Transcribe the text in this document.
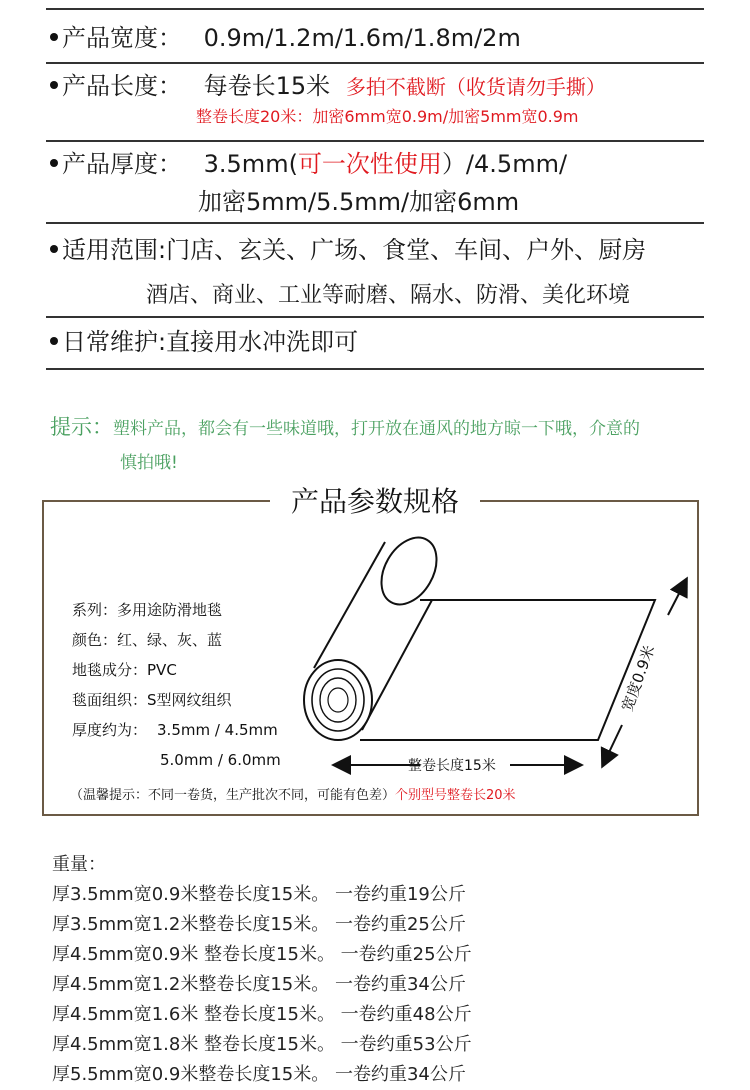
产品宽度： 0.9m/1.2m/1.6m/1.8m/2m
产品长度： 每卷长15米 多拍不截断（收货请勿手撕）
整卷长度20米：加密6mm宽0.9m/加密5mm宽0.9m
产品厚度： 3.5mm(可一次性使用）/4.5mm/
加密5mm/5.5mm/加密6mm
适用范围:门店、玄关、广场、食堂、车间、户外、厨房
酒店、商业、工业等耐磨、隔水、防滑、美化环境
日常维护:直接用水冲洗即可
提示：塑料产品，都会有一些味道哦，打开放在通风的地方晾一下哦，介意的
慎拍哦!
产品参数规格
宽度0.9米
整卷长度15米
系列：多用途防滑地毯
颜色：红、绿、灰、蓝
地毯成分：PVC
毯面组织：S型网纹组织
厚度约为： 3.5mm / 4.5mm
5.0mm / 6.0mm
（温馨提示：不同一卷货，生产批次不同，可能有色差）个别型号整卷长20米
重量：
厚3.5mm宽0.9米整卷长度15米。 一卷约重19公斤
厚3.5mm宽1.2米整卷长度15米。 一卷约重25公斤
厚4.5mm宽0.9米 整卷长度15米。 一卷约重25公斤
厚4.5mm宽1.2米整卷长度15米。 一卷约重34公斤
厚4.5mm宽1.6米 整卷长度15米。 一卷约重48公斤
厚4.5mm宽1.8米 整卷长度15米。 一卷约重53公斤
厚5.5mm宽0.9米整卷长度15米。 一卷约重34公斤
